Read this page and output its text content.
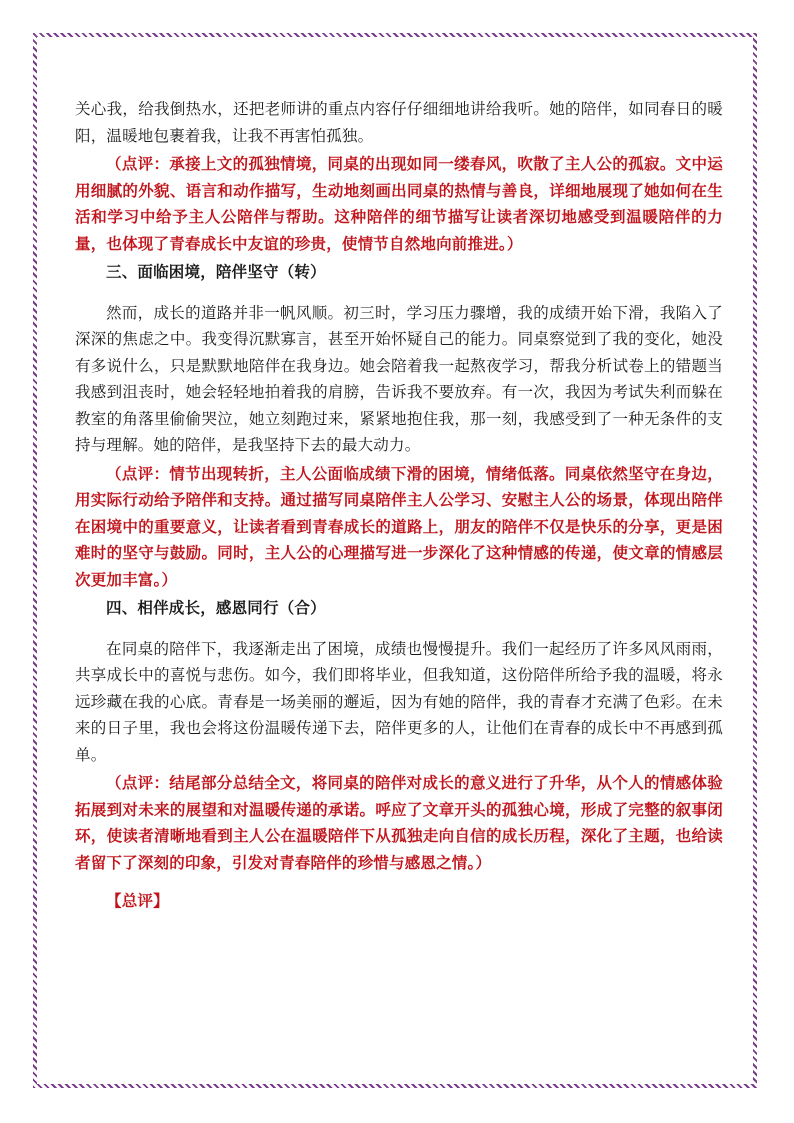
关心我，给我倒热水，还把老师讲的重点内容仔仔细细地讲给我听。她的陪伴，如同春日的暖阳，温暖地包裹着我，让我不再害怕孤独。

（点评：承接上文的孤独情境，同桌的出现如同一缕春风，吹散了主人公的孤寂。文中运用细腻的外貌、语言和动作描写，生动地刻画出同桌的热情与善良，详细地展现了她如何在生活和学习中给予主人公陪伴与帮助。这种陪伴的细节描写让读者深切地感受到温暖陪伴的力量，也体现了青春成长中友谊的珍贵，使情节自然地向前推进。）

三、面临困境，陪伴坚守（转）

然而，成长的道路并非一帆风顺。初三时，学习压力骤增，我的成绩开始下滑，我陷入了深深的焦虑之中。我变得沉默寡言，甚至开始怀疑自己的能力。同桌察觉到了我的变化，她没有多说什么，只是默默地陪伴在我身边。她会陪着我一起熬夜学习，帮我分析试卷上的错题当我感到沮丧时，她会轻轻地拍着我的肩膀，告诉我不要放弃。有一次，我因为考试失利而躲在教室的角落里偷偷哭泣，她立刻跑过来，紧紧地抱住我，那一刻，我感受到了一种无条件的支持与理解。她的陪伴，是我坚持下去的最大动力。

（点评：情节出现转折，主人公面临成绩下滑的困境，情绪低落。同桌依然坚守在身边，用实际行动给予陪伴和支持。通过描写同桌陪伴主人公学习、安慰主人公的场景，体现出陪伴在困境中的重要意义，让读者看到青春成长的道路上，朋友的陪伴不仅是快乐的分享，更是困难时的坚守与鼓励。同时，主人公的心理描写进一步深化了这种情感的传递，使文章的情感层次更加丰富。）

四、相伴成长，感恩同行（合）

在同桌的陪伴下，我逐渐走出了困境，成绩也慢慢提升。我们一起经历了许多风风雨雨，共享成长中的喜悦与悲伤。如今，我们即将毕业，但我知道，这份陪伴所给予我的温暖，将永远珍藏在我的心底。青春是一场美丽的邂逅，因为有她的陪伴，我的青春才充满了色彩。在未来的日子里，我也会将这份温暖传递下去，陪伴更多的人，让他们在青春的成长中不再感到孤单。

（点评：结尾部分总结全文，将同桌的陪伴对成长的意义进行了升华，从个人的情感体验拓展到对未来的展望和对温暖传递的承诺。呼应了文章开头的孤独心境，形成了完整的叙事闭环，使读者清晰地看到主人公在温暖陪伴下从孤独走向自信的成长历程，深化了主题，也给读者留下了深刻的印象，引发对青春陪伴的珍惜与感恩之情。）

【总评】
